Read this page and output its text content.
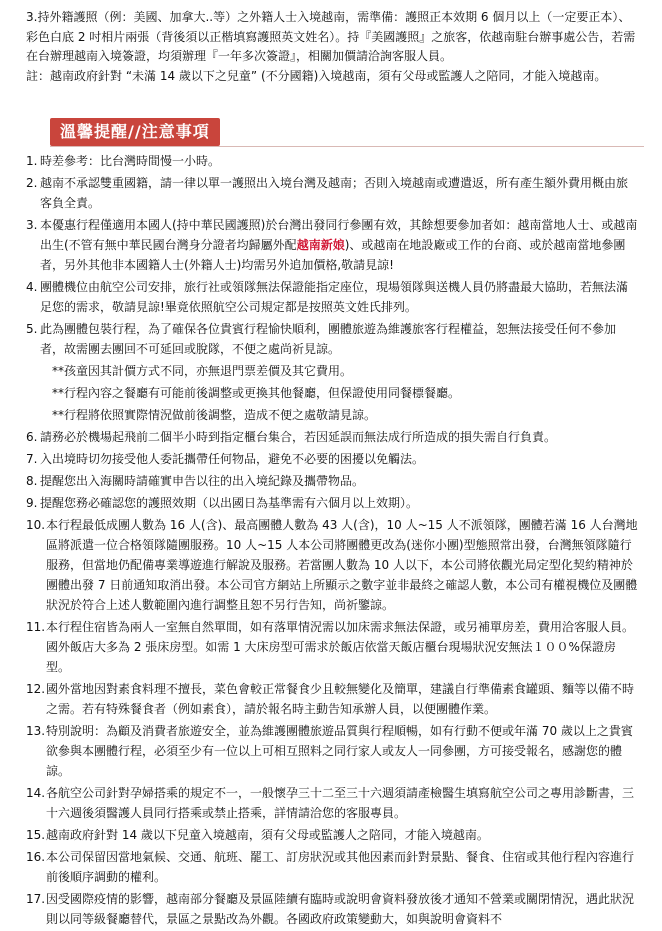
3.持外籍護照（例：美國、加拿大..等）之外籍人士入境越南，需準備：護照正本效期 6 個月以上（一定要正本）、彩色白底 2 吋相片兩張（背後須以正楷填寫護照英文姓名）。持『美國護照』之旅客，依越南駐台辦事處公告，若需在台辦理越南入境簽證，均須辦理『一年多次簽證』，相關加價請洽詢客服人員。

註：越南政府針對 “未滿 14 歲以下之兒童” (不分國籍)入境越南，須有父母或監護人之陪同，才能入境越南。

溫馨提醒//注意事項
1. 時差參考：比台灣時間慢一小時。
2. 越南不承認雙重國籍，請一律以單一護照出入境台灣及越南；否則入境越南或遭遣返，所有產生額外費用概由旅客負全責。
3. 本優惠行程僅適用本國人(持中華民國護照)於台灣出發同行參團有效，其餘想要參加者如：越南當地人士、或越南出生(不管有無中華民國台灣身分證者均歸屬外配越南新娘)、或越南在地設廠或工作的台商、或於越南當地參團者，另外其他非本國籍人士(外籍人士)均需另外追加價格,敬請見諒!
4. 團體機位由航空公司安排，旅行社或領隊無法保證能指定座位，現場領隊與送機人員仍將盡最大協助，若無法滿足您的需求，敬請見諒!畢竟依照航空公司規定都是按照英文姓氏排列。
5. 此為團體包裝行程，為了確保各位貴賓行程愉快順利，團體旅遊為維護旅客行程權益，恕無法接受任何不參加者，故需團去團回不可延回或脫隊，不便之處尚祈見諒。
**孩童因其計價方式不同，亦無退門票差價及其它費用。
**行程內容之餐廳有可能前後調整或更換其他餐廳，但保證使用同餐標餐廳。
**行程將依照實際情況做前後調整，造成不便之處敬請見諒。
6. 請務必於機場起飛前二個半小時到指定櫃台集合，若因延誤而無法成行所造成的損失需自行負責。
7. 入出境時切勿接受他人委託攜帶任何物品，避免不必要的困擾以免觸法。
8. 提醒您出入海關時請確實申告以往的出入境紀錄及攜帶物品。
9. 提醒您務必確認您的護照效期（以出國日為基準需有六個月以上效期）。
10. 本行程最低成團人數為 16 人(含)、最高團體人數為 43 人(含)，10 人~15 人不派領隊，團體若滿 16 人台灣地區將派遣一位合格領隊隨團服務。10 人~15 人本公司將團體更改為(迷你小團)型態照常出發，台灣無領隊隨行服務，但當地仍配備專業導遊進行解說及服務。若當團人數為 10 人以下，本公司將依觀光局定型化契約精神於團體出發 7 日前通知取消出發。本公司官方網站上所顯示之數字並非最終之確認人數，本公司有權視機位及團體狀況於符合上述人數範圍內進行調整且恕不另行告知，尚祈鑒諒。
11. 本行程住宿皆為兩人一室無自然單間，如有落單情況需以加床需求無法保證，或另補單房差，費用洽客服人員。國外飯店大多為 2 張床房型。如需 1 大床房型可需求於飯店依當天飯店櫃台現場狀況安無法１００%保證房型。
12. 國外當地因對素食料理不擅長，菜色會較正常餐食少且較無變化及簡單，建議自行準備素食罐頭、麵等以備不時之需。若有特殊餐食者（例如素食），請於報名時主動告知承辦人員，以便團體作業。
13. 特別說明：為顧及消費者旅遊安全，並為維護團體旅遊品質與行程順暢，如有行動不便或年滿 70 歲以上之貴賓欲參與本團體行程，必須至少有一位以上可相互照料之同行家人或友人一同參團，方可接受報名，感謝您的體諒。
14. 各航空公司針對孕婦搭乘的規定不一，一般懷孕三十二至三十六週須請產檢醫生填寫航空公司之專用診斷書，三十六週後須醫護人員同行搭乘或禁止搭乘，詳情請洽您的客服專員。
15. 越南政府針對 14 歲以下兒童入境越南，須有父母或監護人之陪同，才能入境越南。
16. 本公司保留因當地氣候、交通、航班、罷工、訂房狀況或其他因素而針對景點、餐食、住宿或其他行程內容進行前後順序調動的權利。
17. 因受國際疫情的影響，越南部分餐廳及景區陸續有臨時或說明會資料發放後才通知不營業或關閉情況，遇此狀況則以同等級餐廳替代，景區之景點改為外觀。各國政府政策變動大，如與說明會資料不
